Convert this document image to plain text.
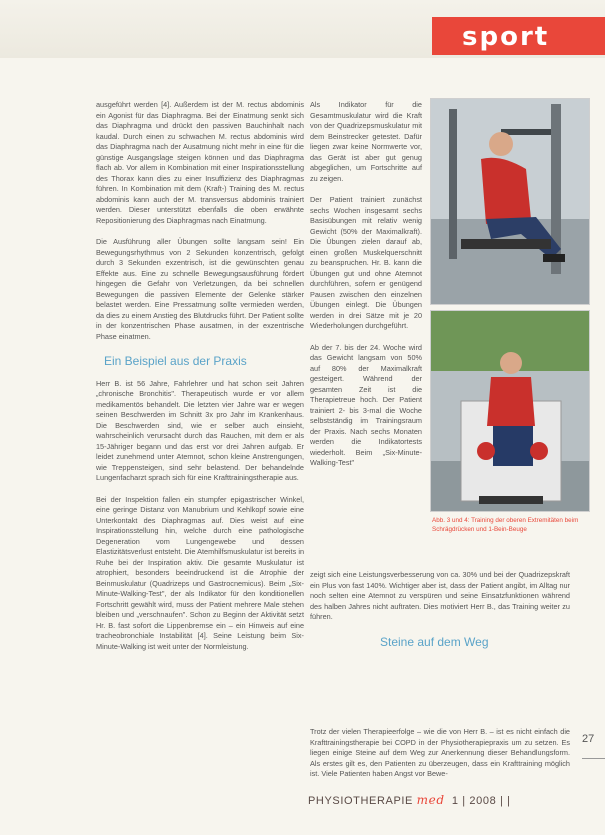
sport

ausgeführt werden [4]. Außerdem ist der M. rectus abdominis ein Agonist für das Diaphragma. Bei der Einatmung senkt sich das Diaphragma und drückt den passiven Bauchinhalt nach kaudal. Durch einen zu schwachen M. rectus abdominis wird das Diaphragma nach der Ausatmung nicht mehr in eine für die günstige Ausgangslage steigen können und das Diaphragma flach ab. Vor allem in Kombination mit einer Inspirationsstellung des Thorax kann dies zu einer Insuffizienz des Diaphragmas führen. In Kombination mit dem (Kraft-) Training des M. rectus abdominis kann auch der M. transversus abdominis trainiert werden. Dieser unterstützt ebenfalls die oben erwähnte Repositionierung des Diaphragmas nach Einatmung.

Die Ausführung aller Übungen sollte langsam sein! Ein Bewegungsrhythmus von 2 Sekunden konzentrisch, gefolgt durch 3 Sekunden exzentrisch, ist die gewünschten genau Effekte aus. Eine zu schnelle Bewegungsausführung fördert hingegen die Gefahr von Verletzungen, da bei schnellen Bewegungen die passiven Elemente der Gelenke stärker belastet werden. Eine Pressatmung sollte vermieden werden, da dies zu einem Anstieg des Blutdrucks führt. Der Patient sollte in der konzentrischen Phase ausatmen, in der exzentrische Phase einatmen.

Ein Beispiel aus der Praxis

Herr B. ist 56 Jahre, Fahrlehrer und hat schon seit Jahren „chronische Bronchitis". Therapeutisch wurde er vor allem medikamentös behandelt. Die letzten vier Jahre war er wegen seinen Beschwerden im Schnitt 3x pro Jahr im Krankenhaus. Die Beschwerden sind, wie er selber auch einsieht, wahrscheinlich verursacht durch das Rauchen, mit dem er als 15-Jähriger begann und das erst vor drei Jahren aufgab. Er leidet zunehmend unter Atemnot, schon kleine Anstrengungen, wie Treppensteigen, sind sehr belastend. Der behandelnde Lungenfacharzt sprach sich für eine Krafttrainingstherapie aus.

Bei der Inspektion fallen ein stumpfer epigastrischer Winkel, eine geringe Distanz von Manubrium und Kehlkopf sowie eine Unterkontakt des Diaphragmas auf. Dies weist auf eine Inspirationsstellung hin, welche durch eine pathologische Degeneration vom Lungengewebe und dessen Elastizitätsverlust entsteht. Die Atemhilfsmuskulatur ist bereits in Ruhe bei der Inspiration aktiv. Die gesamte Muskulatur ist atrophiert, besonders beeindruckend ist die Atrophie der Beinmuskulatur (Quadrizeps und Gastrocnemicus). Beim „Six-Minute-Walking-Test", der als Indikator für den konditionellen Fortschritt gewählt wird, muss der Patient mehrere Male stehen bleiben und „verschnaufen". Schon zu Beginn der Aktivität setzt Hr. B. fast sofort die Lippenbremse ein – ein Hinweis auf eine tracheobronchiale Instabilität [4]. Seine Leistung beim Six-Minute-Walking ist weit unter der Normleistung.

Als Indikator für die Gesamtmuskulatur wird die Kraft von der Quadrizepsmuskulatur mit dem Beinstrecker getestet. Dafür liegen zwar keine Normwerte vor, das Gerät ist aber gut genug abgeglichen, um Fortschritte auf zu zeigen.

Der Patient trainiert zunächst sechs Wochen insgesamt sechs Basisübungen mit relativ wenig Gewicht (50% der Maximalkraft). Die Übungen zielen darauf ab, einen großen Muskelquerschnitt zu beanspruchen. Hr. B. kann die Übungen gut und ohne Atemnot durchführen, sofern er genügend Pausen zwischen den einzelnen Übungen einlegt. Die Übungen werden in drei Sätze mit je 20 Wiederholungen durchgeführt.

Ab der 7. bis der 24. Woche wird das Gewicht langsam von 50% auf 80% der Maximalkraft gesteigert. Während der gesamten Zeit ist die Therapietreue hoch. Der Patient trainiert 2- bis 3-mal die Woche selbstständig im Trainingsraum der Praxis. Nach sechs Monaten werden die Indikatortests wiederholt. Beim „Six-Minute-Walking-Test"

Abb. 3 und 4: Training der oberen Extremitäten beim Schrägdrücken und 1-Bein-Beuge

zeigt sich eine Leistungsverbesserung von ca. 30% und bei der Quadrizepskraft ein Plus von fast 140%. Wichtiger aber ist, dass der Patient angibt, im Alltag nur noch selten eine Atemnot zu verspüren und seine Einsatzfunktionen während des halben Jahres nicht auftraten. Dies motiviert Herr B., das Training weiter zu führen.

Steine auf dem Weg

Trotz der vielen Therapieerfolge – wie die von Herr B. – ist es nicht einfach die Krafttrainingstherapie bei COPD in der Physiotherapiepraxis um zu setzen. Es liegen einige Steine auf dem Weg zur Anerkennung dieser Behandlungsform. Als erstes gilt es, den Patienten zu überzeugen, dass ein Krafttraining möglich ist. Viele Patienten haben Angst vor Bewe-

27
PHYSIOTHERAPIE med 1 | 2008 | |
